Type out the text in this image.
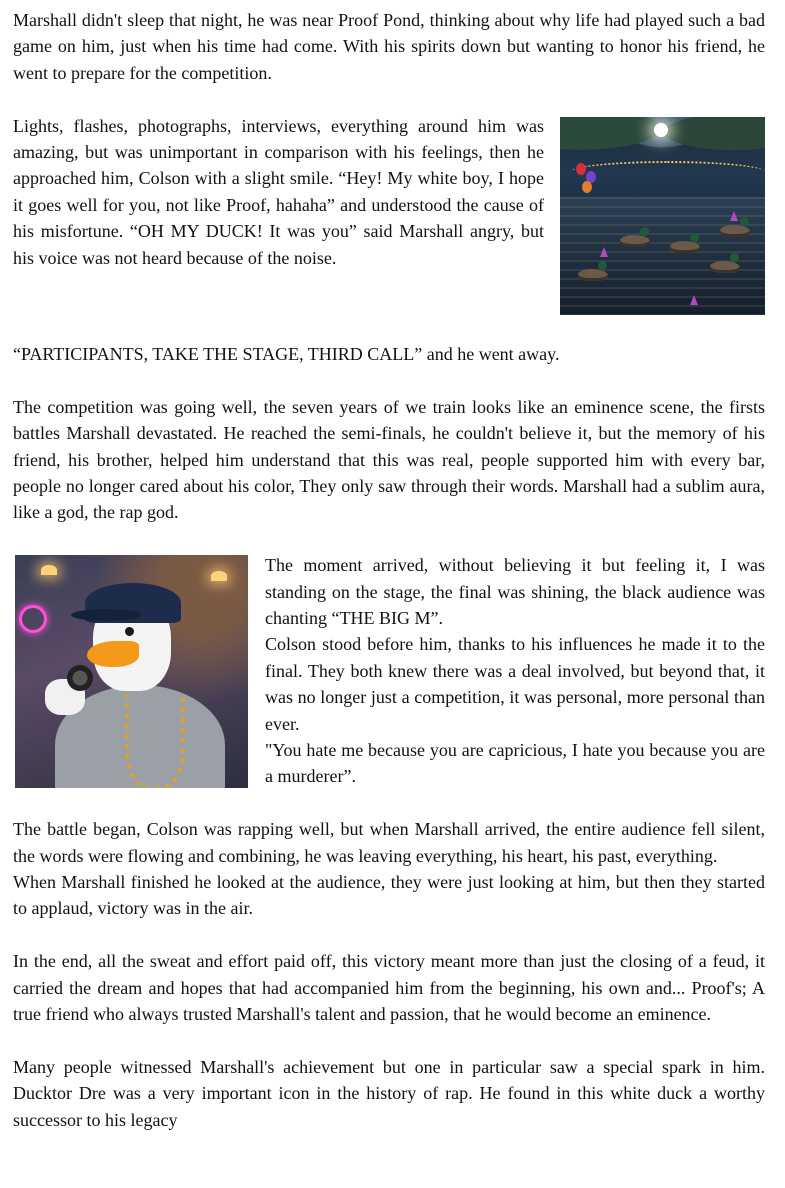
Marshall didn't sleep that night, he was near Proof Pond, thinking about why life had played such a bad game on him, just when his time had come. With his spirits down but wanting to honor his friend, he went to prepare for the competition.

Lights, flashes, photographs, interviews, everything around him was amazing, but was unimportant in comparison with his feelings, then he approached him, Colson with a slight smile. “Hey! My white boy, I hope it goes well for you, not like Proof, hahaha” and understood the cause of his misfortune. “OH MY DUCK! It was you” said Marshall angry, but his voice was not heard because of the noise.

“PARTICIPANTS, TAKE THE STAGE, THIRD CALL” and he went away.

The competition was going well, the seven years of we train looks like an eminence scene, the firsts battles Marshall devastated. He reached the semi-finals, he couldn't believe it, but the memory of his friend, his brother, helped him understand that this was real, people supported him with every bar, people no longer cared about his color, They only saw through their words. Marshall had a sublim aura, like a god, the rap god.

The moment arrived, without believing it but feeling it, I was standing on the stage, the final was shining, the black audience was chanting “THE BIG M”.

Colson stood before him, thanks to his influences he made it to the final. They both knew there was a deal involved, but beyond that, it was no longer just a competition, it was personal, more personal than ever.

"You hate me because you are capricious, I hate you because you are a murderer”.

The battle began, Colson was rapping well, but when Marshall arrived, the entire audience fell silent, the words were flowing and combining, he was leaving everything, his heart, his past, everything.

When Marshall finished he looked at the audience, they were just looking at him, but then they started to applaud, victory was in the air.

In the end, all the sweat and effort paid off, this victory meant more than just the closing of a feud, it carried the dream and hopes that had accompanied him from the beginning, his own and... Proof's; A true friend who always trusted Marshall's talent and passion, that he would become an eminence.

Many people witnessed Marshall's achievement but one in particular saw a special spark in him. Ducktor Dre was a very important icon in the history of rap. He found in this white duck a worthy successor to his legacy
